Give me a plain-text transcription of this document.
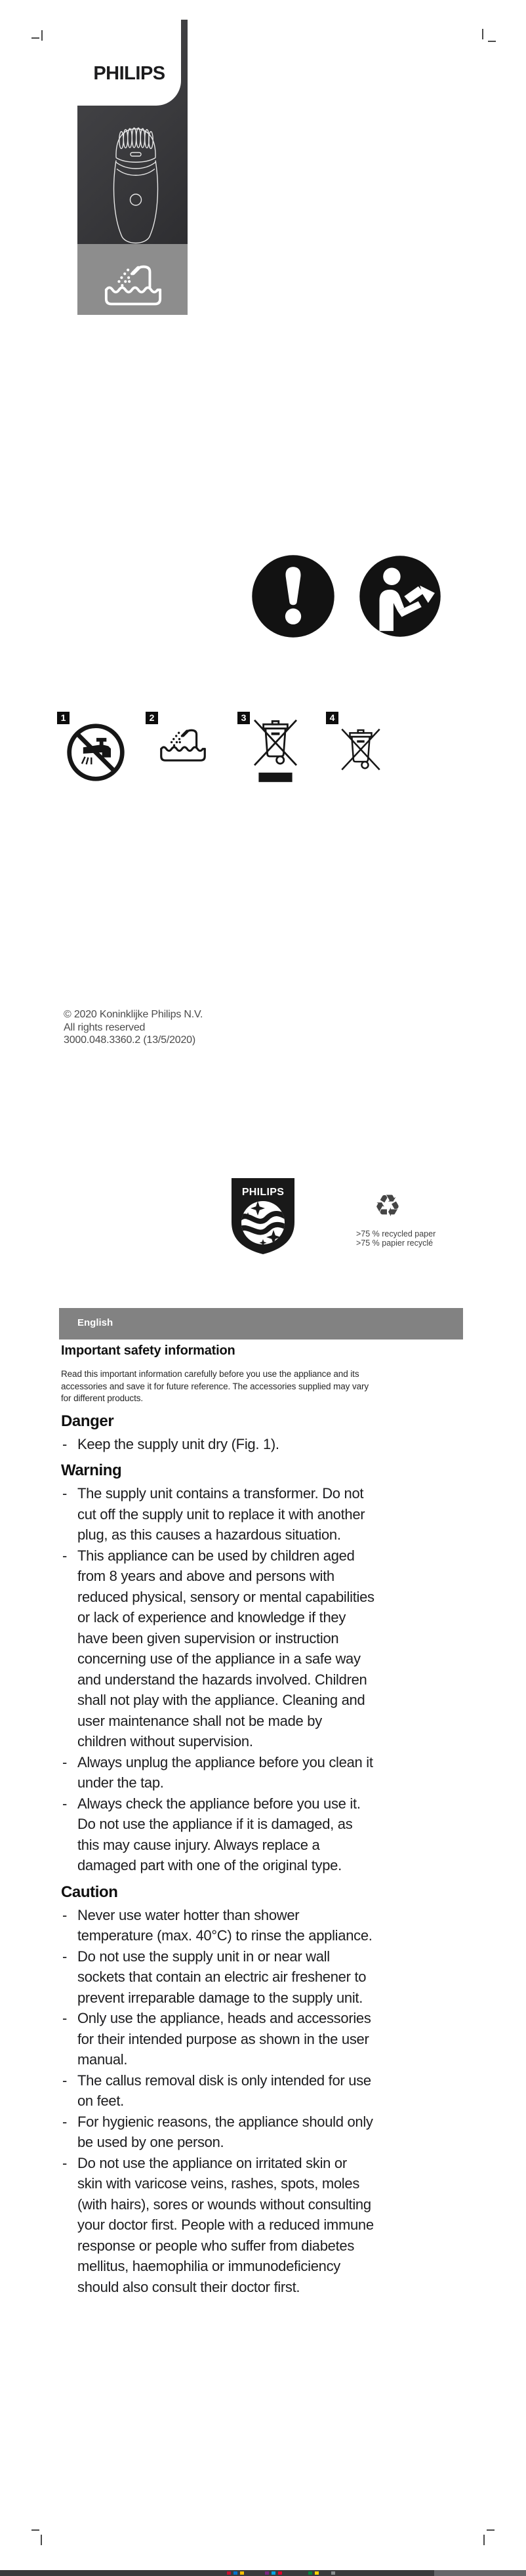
PHILIPS
1	2	3	4
© 2020 Koninklijke Philips N.V.
All rights reserved
3000.048.3360.2 (13/5/2020)
PHILIPS	♻
>75 % recycled paper
>75 % papier recyclé
English
Important safety information

Read this important information carefully before you use the appliance and its accessories and save it for future reference. The accessories supplied may vary for different products.

Danger
- Keep the supply unit dry (Fig. 1).
Warning
- The supply unit contains a transformer. Do not cut off the supply unit to replace it with another plug, as this causes a hazardous situation.
- This appliance can be used by children aged from 8 years and above and persons with reduced physical, sensory or mental capabilities or lack of experience and knowledge if they have been given supervision or instruction concerning use of the appliance in a safe way and understand the hazards involved. Children shall not play with the appliance. Cleaning and user maintenance shall not be made by children without supervision.
- Always unplug the appliance before you clean it under the tap.
- Always check the appliance before you use it. Do not use the appliance if it is damaged, as this may cause injury. Always replace a damaged part with one of the original type.
Caution
- Never use water hotter than shower temperature (max. 40°C) to rinse the appliance.
- Do not use the supply unit in or near wall sockets that contain an electric air freshener to prevent irreparable damage to the supply unit.
- Only use the appliance, heads and accessories for their intended purpose as shown in the user manual.
- The callus removal disk is only intended for use on feet.
- For hygienic reasons, the appliance should only be used by one person.
- Do not use the appliance on irritated skin or skin with varicose veins, rashes, spots, moles (with hairs), sores or wounds without consulting your doctor first. People with a reduced immune response or people who suffer from diabetes mellitus, haemophilia or immunodeficiency should also consult their doctor first.
